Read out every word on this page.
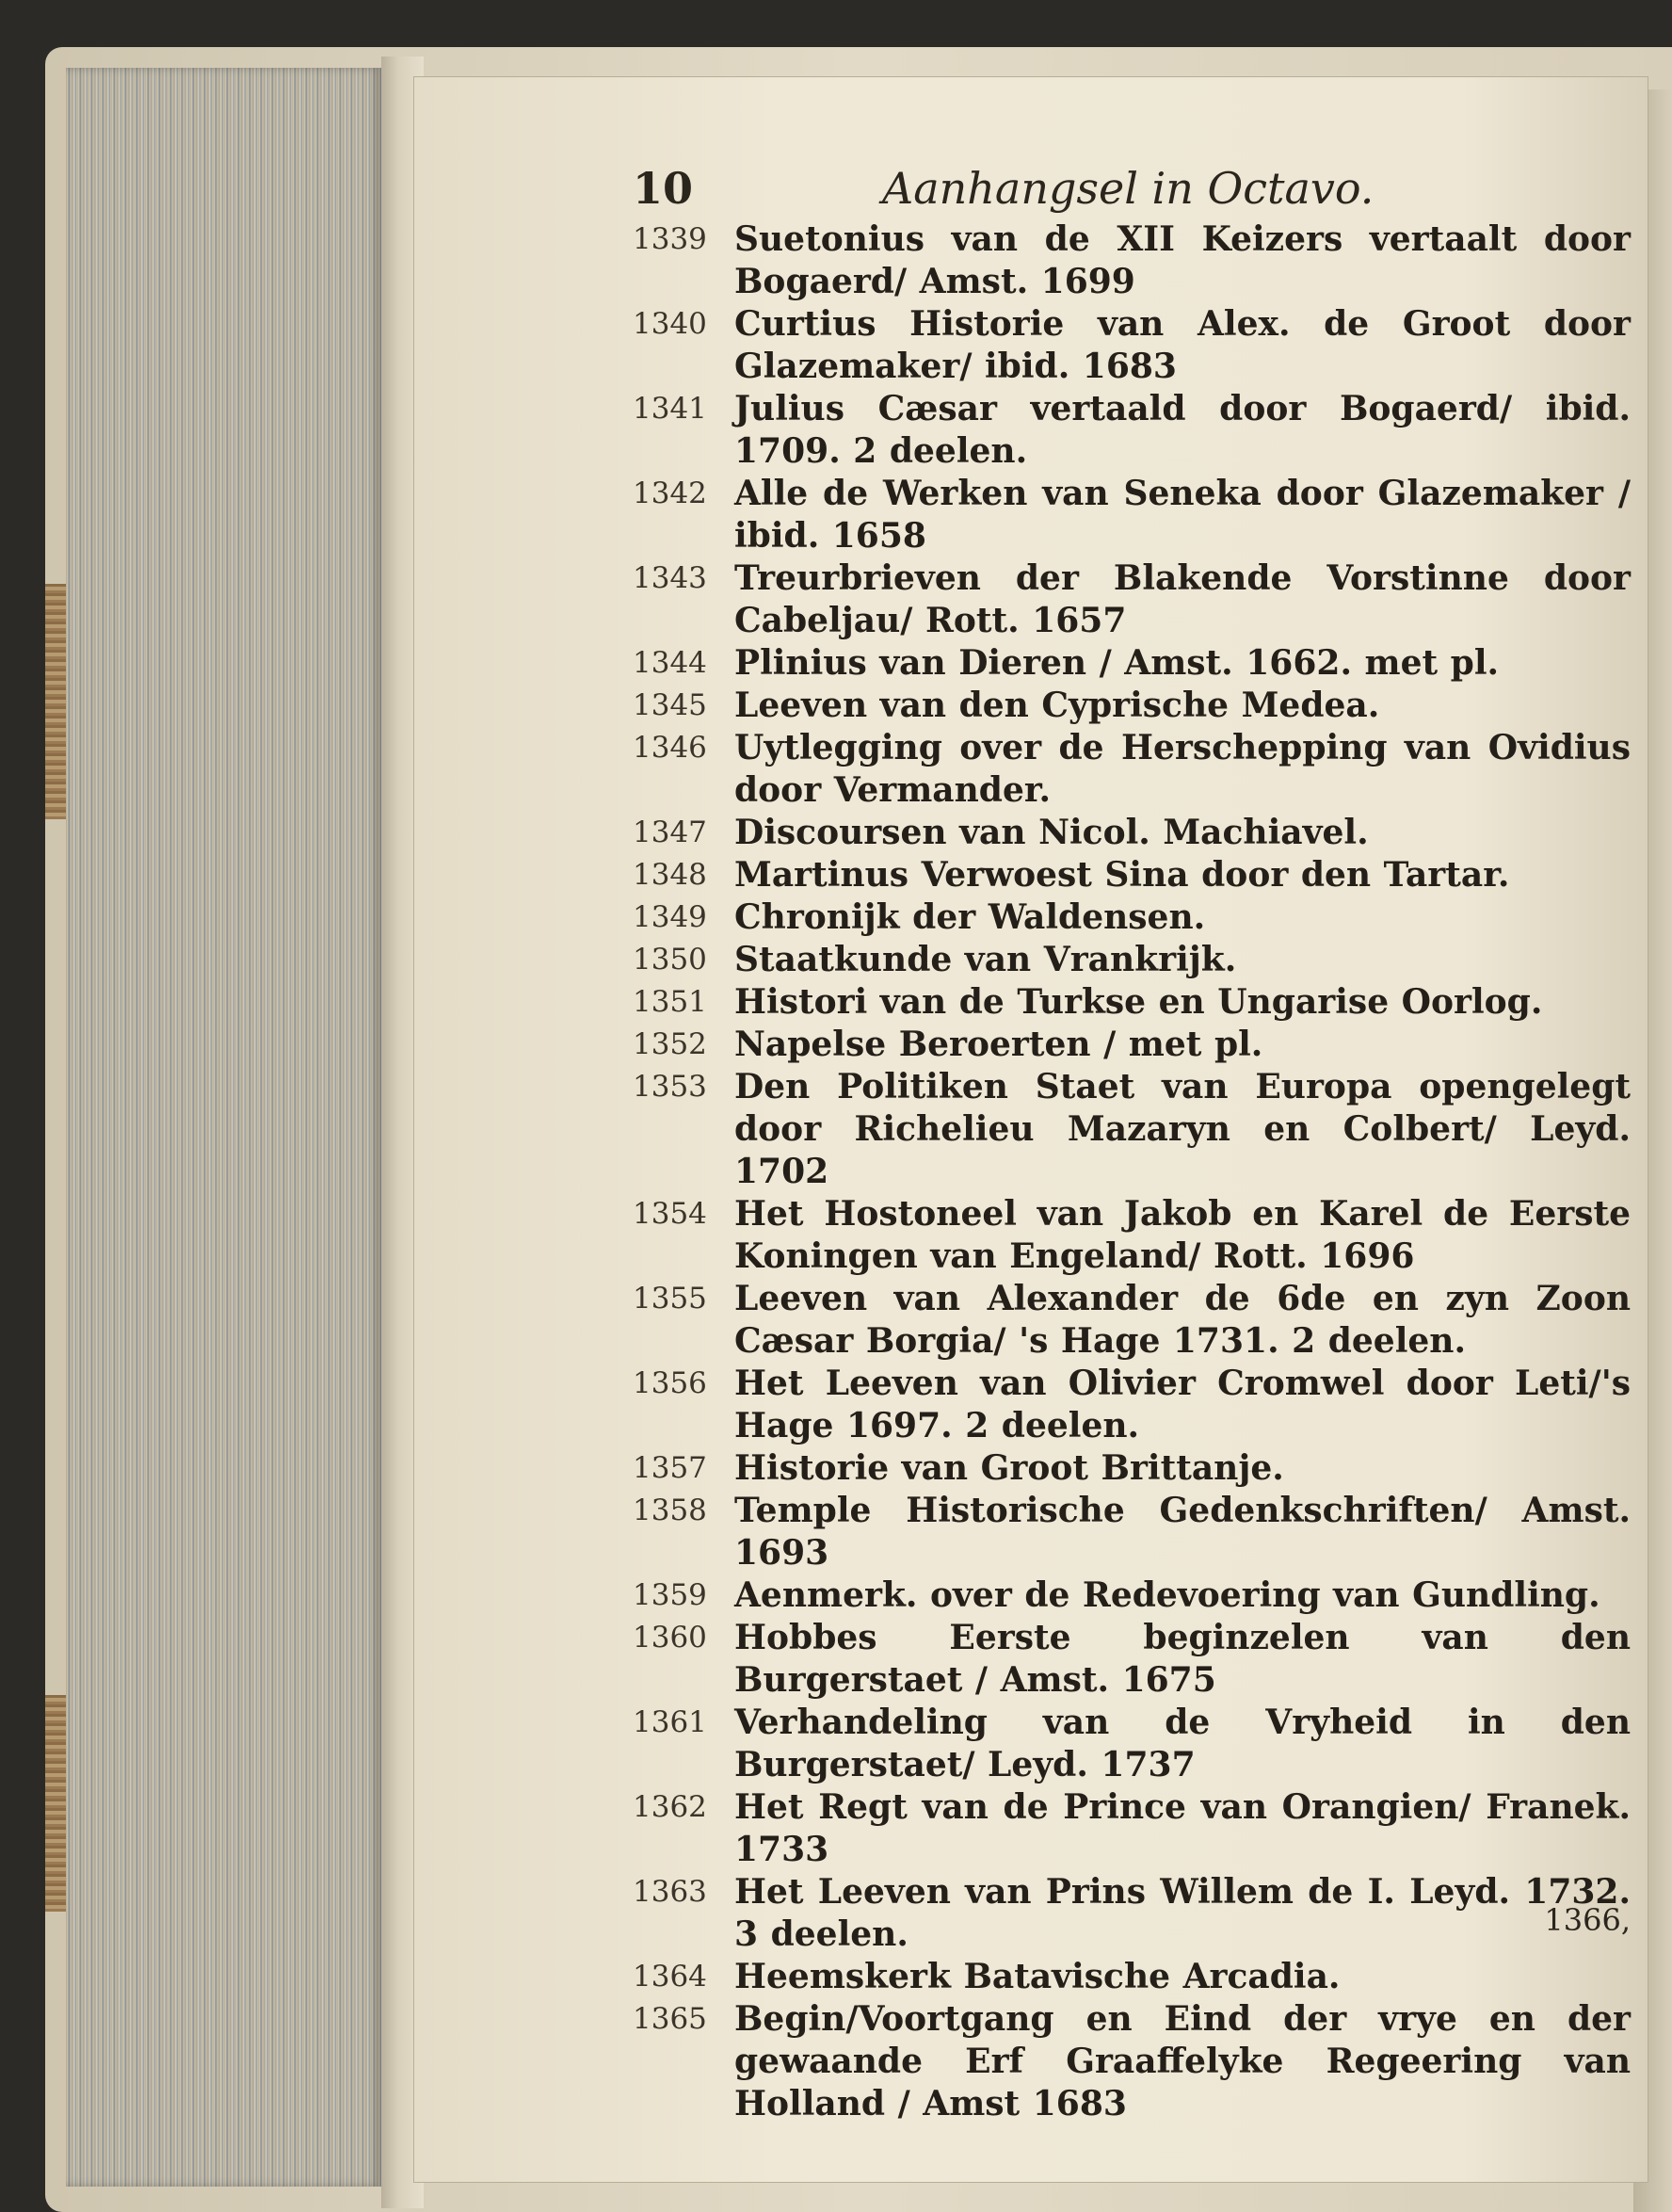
10	Aanhangsel in Octavo.
1339 Suetonius van de XII Keizers vertaalt door Bogaerd/ Amst. 1699
1340 Curtius Historie van Alex. de Groot door Glazemaker/ ibid. 1683
1341 Julius Cæsar vertaald door Bogaerd/ ibid. 1709. 2 deelen.
1342 Alle de Werken van Seneka door Glazemaker / ibid. 1658
1343 Treurbrieven der Blakende Vorstinne door Cabeljau/ Rott. 1657
1344 Plinius van Dieren / Amst. 1662. met pl.
1345 Leeven van den Cyprische Medea.
1346 Uytlegging over de Herschepping van Ovidius door Vermander.
1347 Discoursen van Nicol. Machiavel.
1348 Martinus Verwoest Sina door den Tartar.
1349 Chronijk der Waldensen.
1350 Staatkunde van Vrankrijk.
1351 Histori van de Turkse en Ungarise Oorlog.
1352 Napelse Beroerten / met pl.
1353 Den Politiken Staet van Europa opengelegt door Richelieu Mazaryn en Colbert/ Leyd. 1702
1354 Het Hostoneel van Jakob en Karel de Eerste Koningen van Engeland/ Rott. 1696
1355 Leeven van Alexander de 6de en zyn Zoon Cæsar Borgia/ 's Hage 1731. 2 deelen.
1356 Het Leeven van Olivier Cromwel door Leti/'s Hage 1697. 2 deelen.
1357 Historie van Groot Brittanje.
1358 Temple Historische Gedenkschriften/ Amst. 1693
1359 Aenmerk. over de Redevoering van Gundling.
1360 Hobbes Eerste beginzelen van den Burgerstaet / Amst. 1675
1361 Verhandeling van de Vryheid in den Burgerstaet/ Leyd. 1737
1362 Het Regt van de Prince van Orangien/ Franek. 1733
1363 Het Leeven van Prins Willem de I. Leyd. 1732. 3 deelen.
1364 Heemskerk Batavische Arcadia.
1365 Begin/Voortgang en Eind der vrye en der gewaande Erf Graaffelyke Regeering van Holland / Amst 1683
1366,
